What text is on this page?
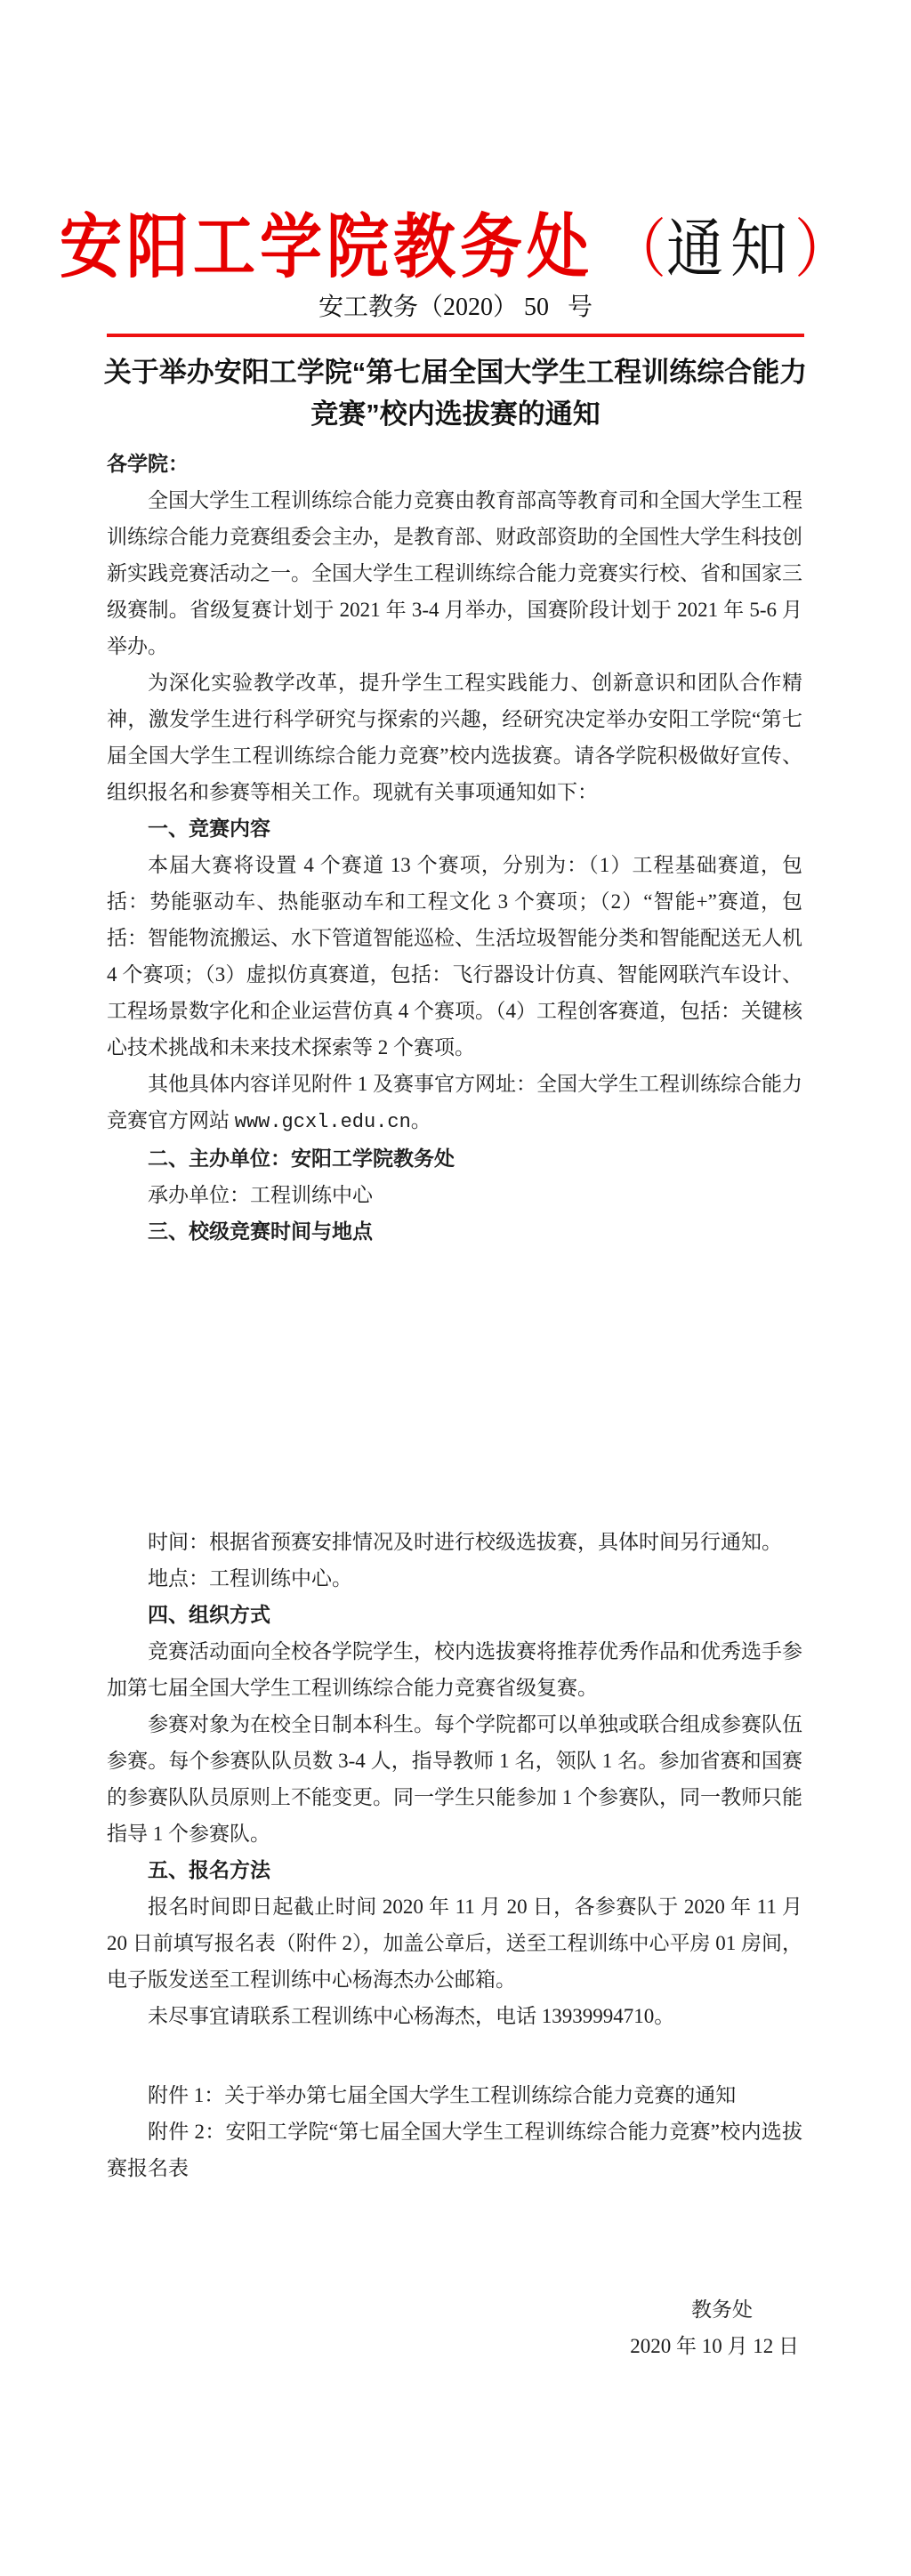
安阳工学院教务处 （ 通知 ）
安工教务（2020） 50   号
关于举办安阳工学院“第七届全国大学生工程训练综合能力
竞赛”校内选拔赛的通知

各学院：

全国大学生工程训练综合能力竞赛由教育部高等教育司和全国大学生工程训练综合能力竞赛组委会主办，是教育部、财政部资助的全国性大学生科技创新实践竞赛活动之一。全国大学生工程训练综合能力竞赛实行校、省和国家三级赛制。省级复赛计划于 2021 年 3-4 月举办，国赛阶段计划于 2021 年 5-6 月举办。

为深化实验教学改革，提升学生工程实践能力、创新意识和团队合作精神，激发学生进行科学研究与探索的兴趣，经研究决定举办安阳工学院“第七届全国大学生工程训练综合能力竞赛”校内选拔赛。请各学院积极做好宣传、组织报名和参赛等相关工作。现就有关事项通知如下：

一、竞赛内容

本届大赛将设置 4 个赛道 13 个赛项，分别为：（1）工程基础赛道，包括：势能驱动车、热能驱动车和工程文化 3 个赛项；（2）“智能+”赛道，包括：智能物流搬运、水下管道智能巡检、生活垃圾智能分类和智能配送无人机 4 个赛项；（3）虚拟仿真赛道，包括：飞行器设计仿真、智能网联汽车设计、工程场景数字化和企业运营仿真 4 个赛项。（4）工程创客赛道，包括：关键核心技术挑战和未来技术探索等 2 个赛项。

其他具体内容详见附件 1 及赛事官方网址：全国大学生工程训练综合能力竞赛官方网站 www.gcxl.edu.cn。

二、主办单位：安阳工学院教务处

承办单位：工程训练中心

三、校级竞赛时间与地点

时间：根据省预赛安排情况及时进行校级选拔赛，具体时间另行通知。

地点：工程训练中心。

四、组织方式

竞赛活动面向全校各学院学生，校内选拔赛将推荐优秀作品和优秀选手参加第七届全国大学生工程训练综合能力竞赛省级复赛。

参赛对象为在校全日制本科生。每个学院都可以单独或联合组成参赛队伍参赛。每个参赛队队员数 3-4 人，指导教师 1 名，领队 1 名。参加省赛和国赛的参赛队队员原则上不能变更。同一学生只能参加 1 个参赛队，同一教师只能指导 1 个参赛队。

五、报名方法

报名时间即日起截止时间 2020 年 11 月 20 日，各参赛队于 2020 年 11 月 20 日前填写报名表（附件 2），加盖公章后，送至工程训练中心平房 01 房间，电子版发送至工程训练中心杨海杰办公邮箱。

未尽事宜请联系工程训练中心杨海杰，电话 13939994710。

附件 1：关于举办第七届全国大学生工程训练综合能力竞赛的通知

附件 2：安阳工学院“第七届全国大学生工程训练综合能力竞赛”校内选拔赛报名表

教务处

2020 年 10 月 12 日
